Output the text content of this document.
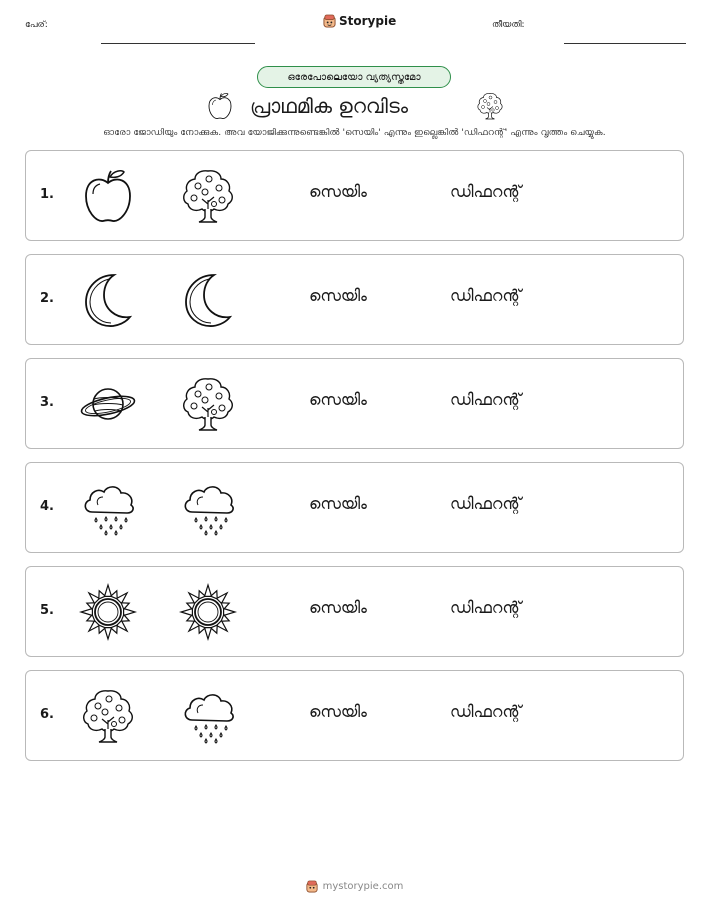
പേര്:	Storypie	തീയതി:
ഒരേപോലെയോ വ്യത്യസ്തമോ
പ്രാഥമിക ഉറവിടം
ഓരോ ജോഡിയും നോക്കുക. അവ യോജിക്കുന്നുണ്ടെങ്കിൽ 'സെയിം' എന്നും ഇല്ലെങ്കിൽ 'ഡിഫറന്റ്' എന്നും വൃത്തം ചെയ്യുക.
1.	സെയിം	ഡിഫറന്റ്
2.	സെയിം	ഡിഫറന്റ്
3.	സെയിം	ഡിഫറന്റ്
4.	സെയിം	ഡിഫറന്റ്
5.	സെയിം	ഡിഫറന്റ്
6.	സെയിം	ഡിഫറന്റ്
mystorypie.com
